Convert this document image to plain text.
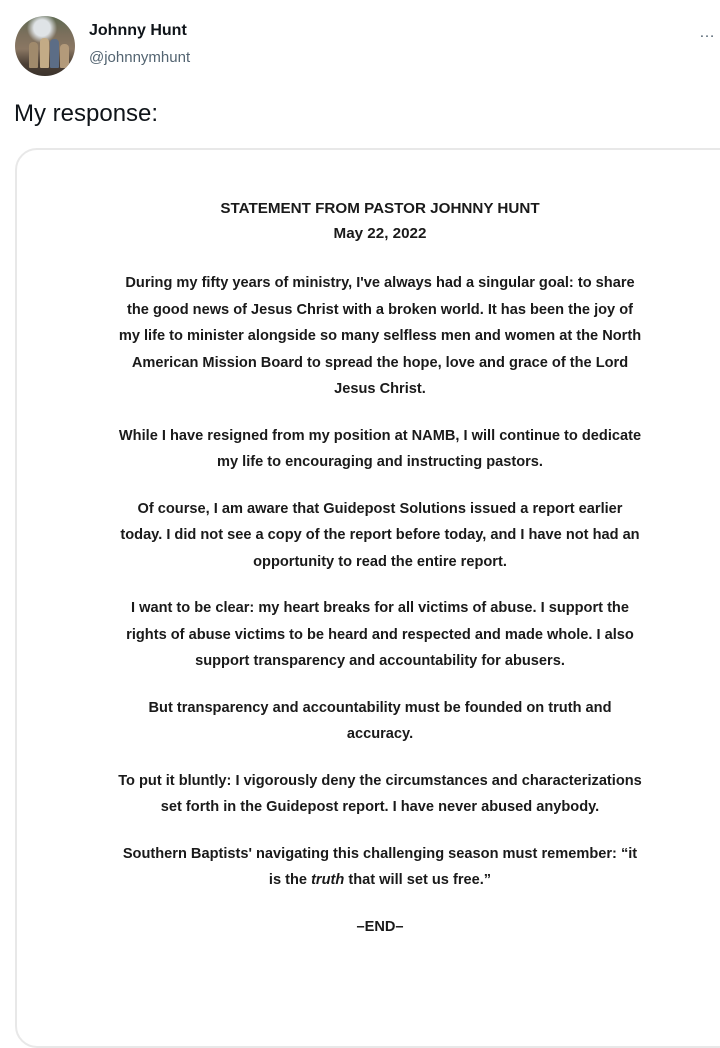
Johnny Hunt
@johnnymhunt
…
My response:

STATEMENT FROM PASTOR JOHNNY HUNT

May 22, 2022

During my fifty years of ministry, I've always had a singular goal: to share

the good news of Jesus Christ with a broken world. It has been the joy of

my life to minister alongside so many selfless men and women at the North

American Mission Board to spread the hope, love and grace of the Lord

Jesus Christ.

While I have resigned from my position at NAMB, I will continue to dedicate

my life to encouraging and instructing pastors.

Of course, I am aware that Guidepost Solutions issued a report earlier

today. I did not see a copy of the report before today, and I have not had an

opportunity to read the entire report.

I want to be clear: my heart breaks for all victims of abuse. I support the

rights of abuse victims to be heard and respected and made whole. I also

support transparency and accountability for abusers.

But transparency and accountability must be founded on truth and

accuracy.

To put it bluntly: I vigorously deny the circumstances and characterizations

set forth in the Guidepost report. I have never abused anybody.

Southern Baptists' navigating this challenging season must remember: “it

is the truth that will set us free.”

–END–
